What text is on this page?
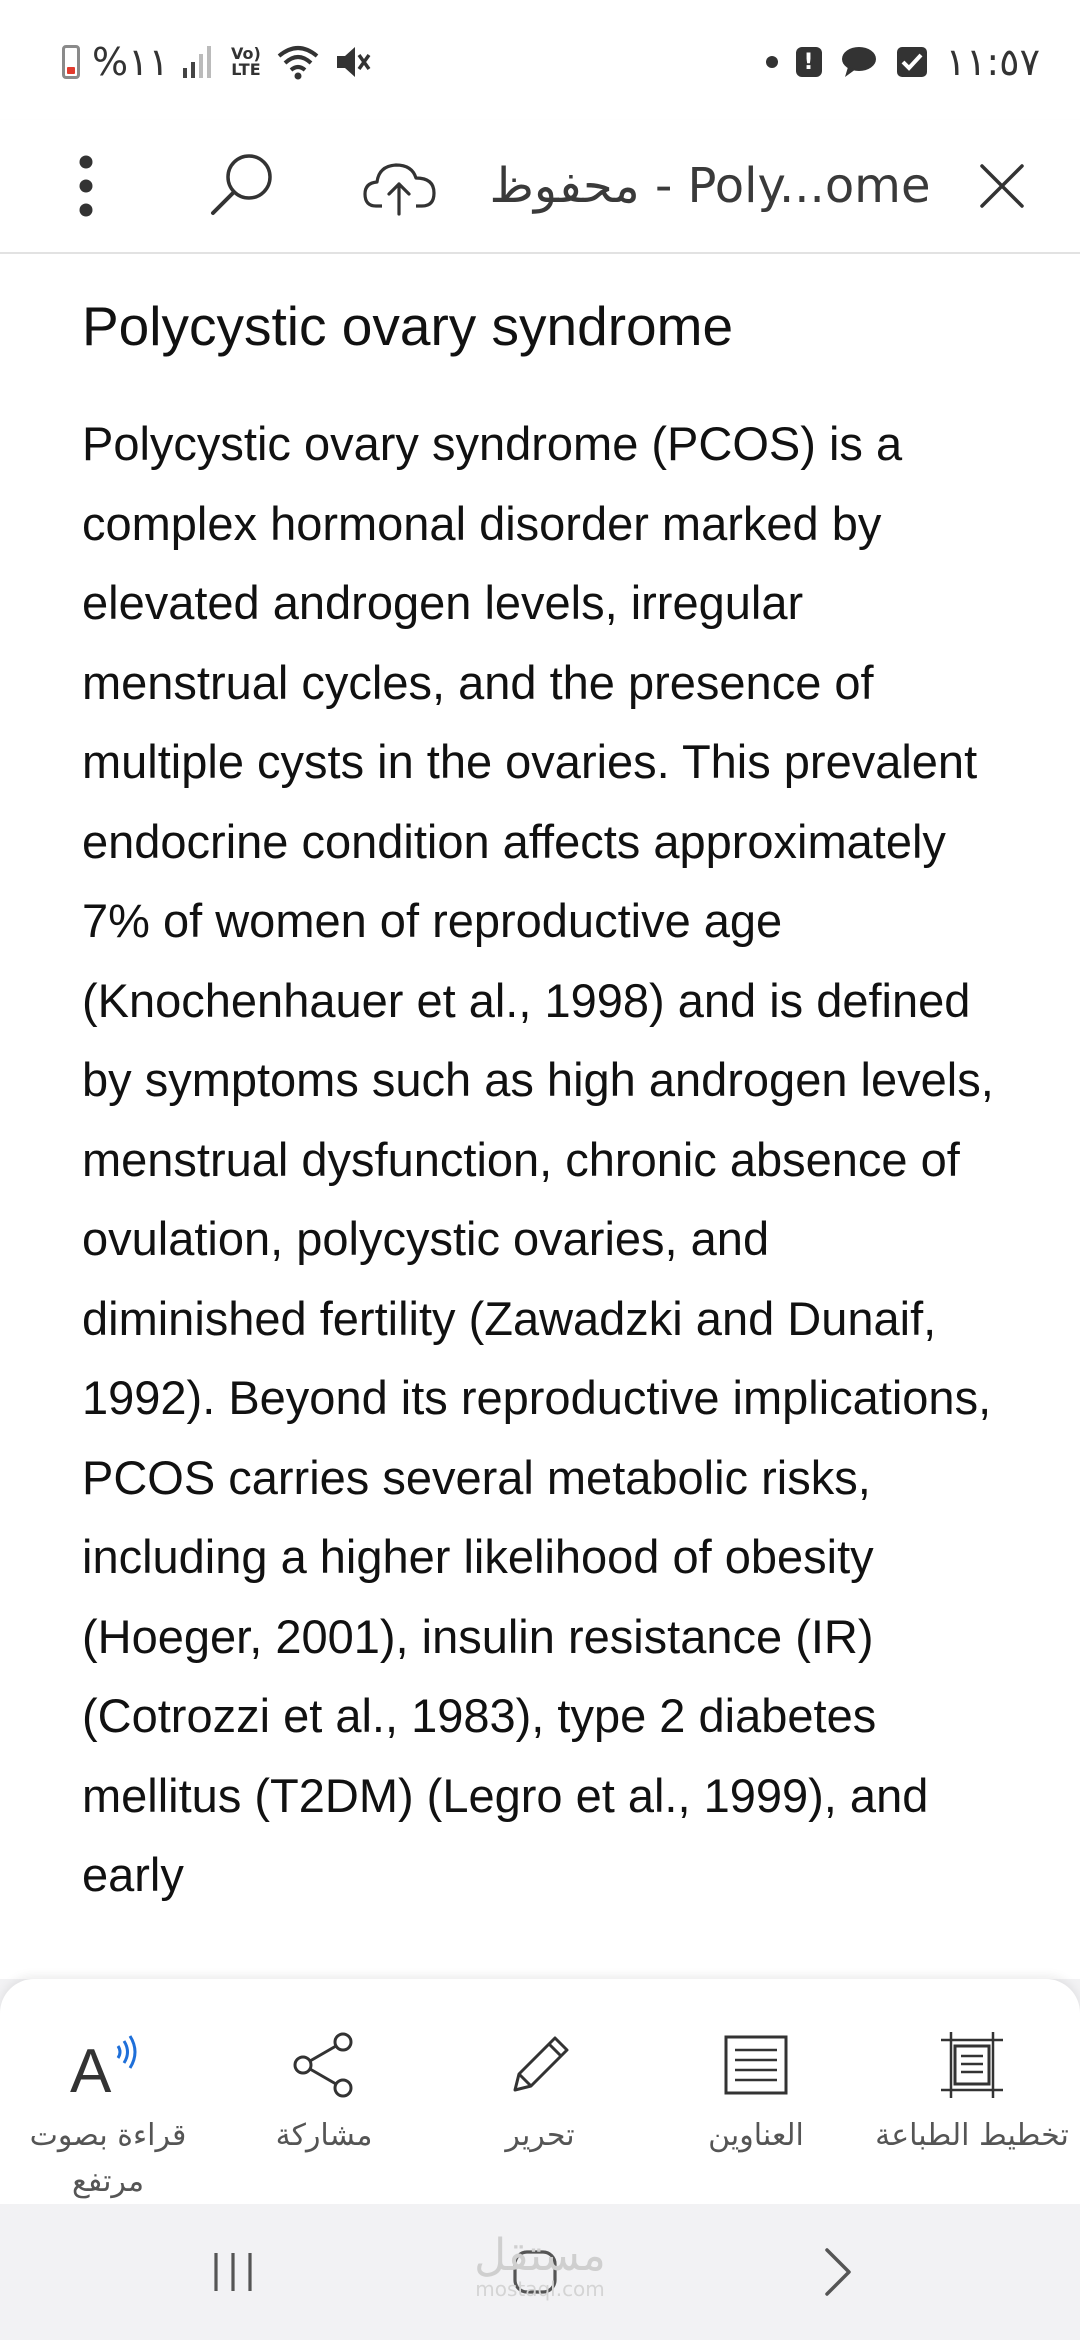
%١١	Vo) LTE	!	١١:٥٧
محفوظ - Poly...ome
Polycystic ovary syndrome
Polycystic ovary syndrome (PCOS) is a complex hormonal disorder marked by elevated androgen levels, irregular menstrual cycles, and the presence of multiple cysts in the ovaries. This prevalent endocrine condition affects approximately 7% of women of reproductive age (Knochenhauer et al., 1998) and is defined by symptoms such as high androgen levels, menstrual dysfunction, chronic absence of ovulation, polycystic ovaries, and diminished fertility (Zawadzki and Dunaif, 1992). Beyond its reproductive implications, PCOS carries several metabolic risks, including a higher likelihood of obesity (Hoeger, 2001), insulin resistance (IR) (Cotrozzi et al., 1983), type 2 diabetes mellitus (T2DM) (Legro et al., 1999), and early
A
قراءة بصوت مرتفع
مشاركة	تحرير	العناوين	تخطيط الطباعة
مستقل
mostaql.com
